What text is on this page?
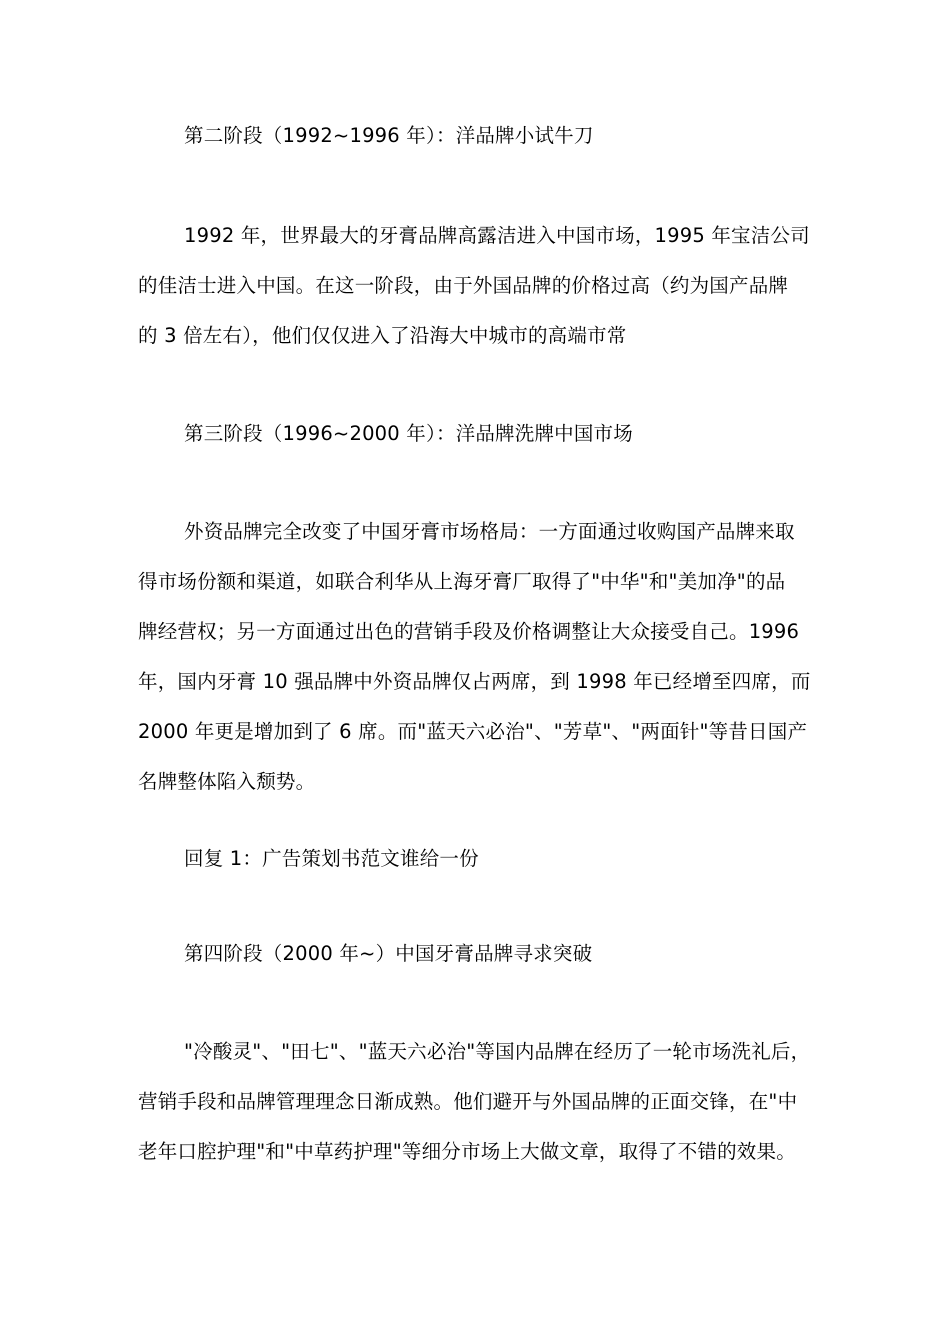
第二阶段（1992~1996 年）：洋品牌小试牛刀
1992 年，世界最大的牙膏品牌高露洁进入中国市场，1995 年宝洁公司
的佳洁士进入中国。在这一阶段，由于外国品牌的价格过高（约为国产品牌
的 3 倍左右），他们仅仅进入了沿海大中城市的高端市常
第三阶段（1996~2000 年）：洋品牌洗牌中国市场
外资品牌完全改变了中国牙膏市场格局：一方面通过收购国产品牌来取
得市场份额和渠道，如联合利华从上海牙膏厂取得了"中华"和"美加净"的品
牌经营权；另一方面通过出色的营销手段及价格调整让大众接受自己。1996
年，国内牙膏 10 强品牌中外资品牌仅占两席，到 1998 年已经增至四席，而
2000 年更是增加到了 6 席。而"蓝天六必治"、"芳草"、"两面针"等昔日国产
名牌整体陷入颓势。
回复 1：广告策划书范文谁给一份
第四阶段（2000 年~）中国牙膏品牌寻求突破
"冷酸灵"、"田七"、"蓝天六必治"等国内品牌在经历了一轮市场洗礼后，
营销手段和品牌管理理念日渐成熟。他们避开与外国品牌的正面交锋，在"中
老年口腔护理"和"中草药护理"等细分市场上大做文章，取得了不错的效果。
